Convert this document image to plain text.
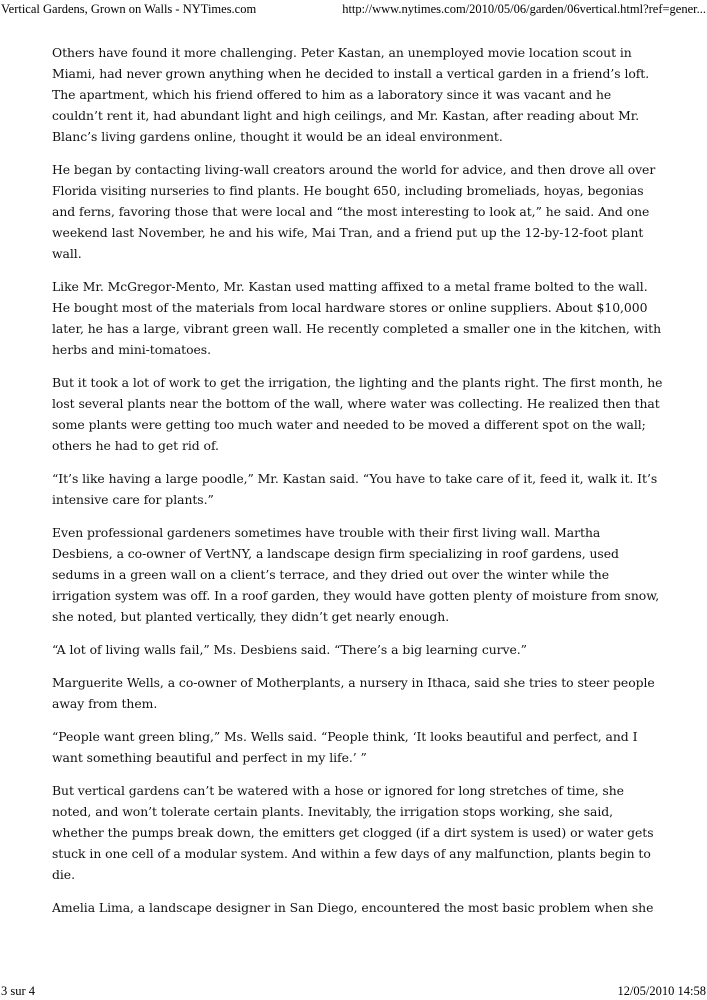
Vertical Gardens, Grown on Walls - NYTimes.com	http://www.nytimes.com/2010/05/06/garden/06vertical.html?ref=gener...

Others have found it more challenging. Peter Kastan, an unemployed movie location scout in Miami, had never grown anything when he decided to install a vertical garden in a friend’s loft. The apartment, which his friend offered to him as a laboratory since it was vacant and he couldn’t rent it, had abundant light and high ceilings, and Mr. Kastan, after reading about Mr. Blanc’s living gardens online, thought it would be an ideal environment.

He began by contacting living-wall creators around the world for advice, and then drove all over Florida visiting nurseries to find plants. He bought 650, including bromeliads, hoyas, begonias and ferns, favoring those that were local and “the most interesting to look at,” he said. And one weekend last November, he and his wife, Mai Tran, and a friend put up the 12-by-12-foot plant wall.

Like Mr. McGregor-Mento, Mr. Kastan used matting affixed to a metal frame bolted to the wall. He bought most of the materials from local hardware stores or online suppliers. About $10,000 later, he has a large, vibrant green wall. He recently completed a smaller one in the kitchen, with herbs and mini-tomatoes.

But it took a lot of work to get the irrigation, the lighting and the plants right. The first month, he lost several plants near the bottom of the wall, where water was collecting. He realized then that some plants were getting too much water and needed to be moved a different spot on the wall; others he had to get rid of.

“It’s like having a large poodle,” Mr. Kastan said. “You have to take care of it, feed it, walk it. It’s intensive care for plants.”

Even professional gardeners sometimes have trouble with their first living wall. Martha Desbiens, a co-owner of VertNY, a landscape design firm specializing in roof gardens, used sedums in a green wall on a client’s terrace, and they dried out over the winter while the irrigation system was off. In a roof garden, they would have gotten plenty of moisture from snow, she noted, but planted vertically, they didn’t get nearly enough.

“A lot of living walls fail,” Ms. Desbiens said. “There’s a big learning curve.”

Marguerite Wells, a co-owner of Motherplants, a nursery in Ithaca, said she tries to steer people away from them.

“People want green bling,” Ms. Wells said. “People think, ‘It looks beautiful and perfect, and I want something beautiful and perfect in my life.’ ”

But vertical gardens can’t be watered with a hose or ignored for long stretches of time, she noted, and won’t tolerate certain plants. Inevitably, the irrigation stops working, she said, whether the pumps break down, the emitters get clogged (if a dirt system is used) or water gets stuck in one cell of a modular system. And within a few days of any malfunction, plants begin to die.

Amelia Lima, a landscape designer in San Diego, encountered the most basic problem when she

3 sur 4	12/05/2010 14:58
